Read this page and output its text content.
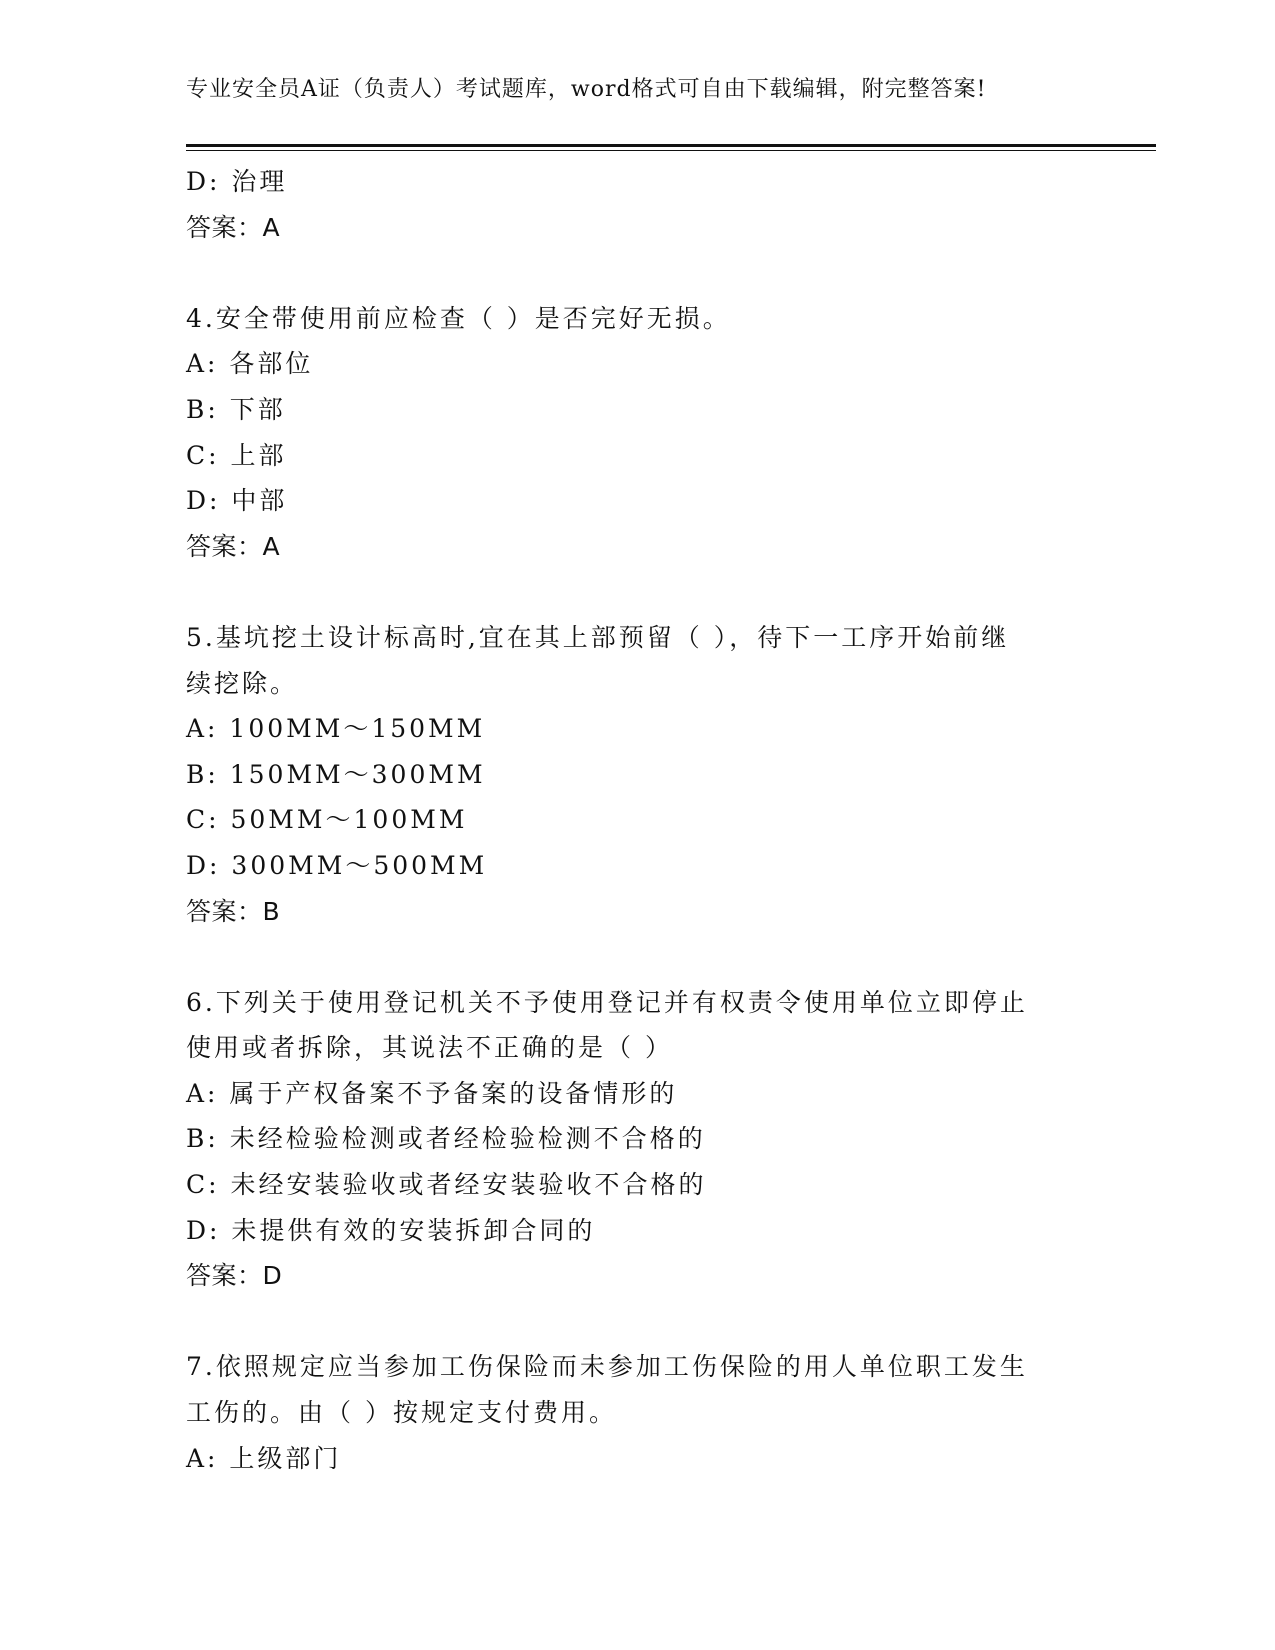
专业安全员A证（负责人）考试题库，word格式可自由下载编辑，附完整答案!
D: 治理
答案：A
4.安全带使用前应检查（ ）是否完好无损。
A: 各部位
B: 下部
C: 上部
D: 中部
答案：A
5.基坑挖土设计标高时,宜在其上部预留（ ），待下一工序开始前继
续挖除。
A: 100MM～150MM
B: 150MM～300MM
C: 50MM～100MM
D: 300MM～500MM
答案：B
6.下列关于使用登记机关不予使用登记并有权责令使用单位立即停止
使用或者拆除，其说法不正确的是（ ）
A: 属于产权备案不予备案的设备情形的
B: 未经检验检测或者经检验检测不合格的
C: 未经安装验收或者经安装验收不合格的
D: 未提供有效的安装拆卸合同的
答案：D
7.依照规定应当参加工伤保险而未参加工伤保险的用人单位职工发生
工伤的。由（ ）按规定支付费用。
A: 上级部门
